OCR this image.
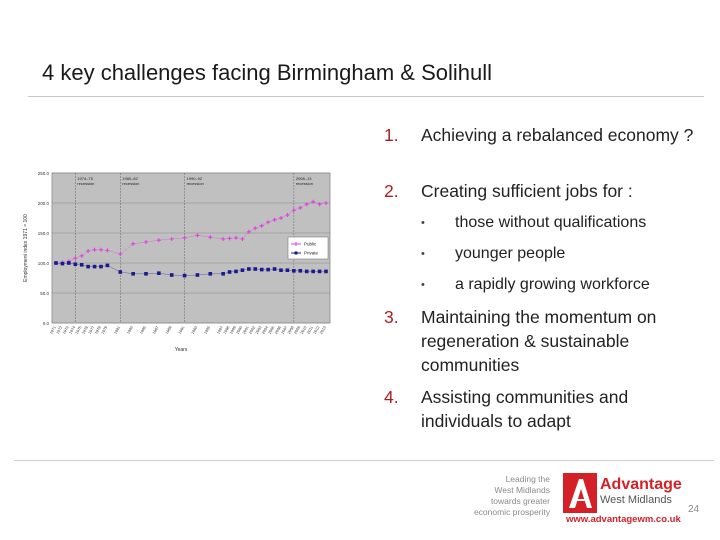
4 key challenges facing Birmingham & Solihull
0.0
50.0
100.0
150.0
200.0
250.0
Employment index 1971 = 100
1971
1972
1973
1974
1975
1976
1977
1978
1979 1981 1983 1985 1987 1989 1991 1993 1995 1997
1998
1999
2000
2001
2002
2003
2004
2005
2006
2007
2008
2009
2010
2011
2012
2013
Years
1974–75
recession
1980–82
recession
1990–92
recession
2008–13
recession
Public
Private
1.	Achieving a rebalanced economy ?
2.	Creating sufficient jobs for :
• those without qualifications
• younger people
• a rapidly growing workforce
3.	Maintaining the momentum on regeneration & sustainable communities
4.	Assisting communities and individuals to adapt
Leading the
West Midlands
towards greater
economic prosperity
Advantage
West Midlands
www.advantagewm.co.uk
24
